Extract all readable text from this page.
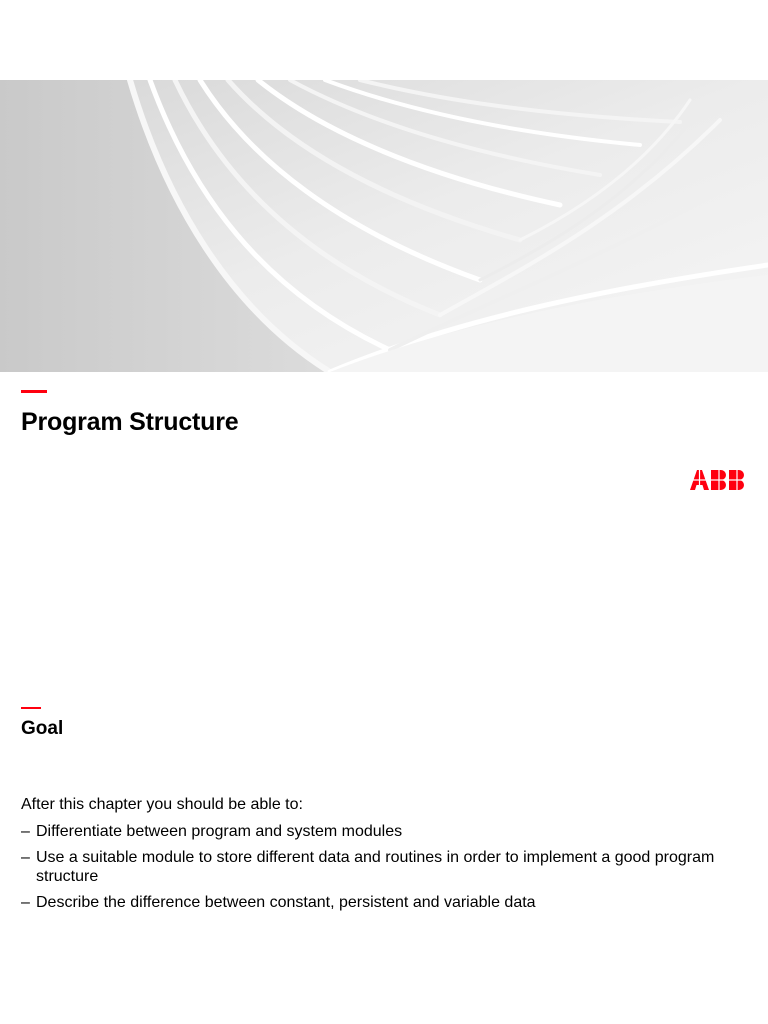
Program Structure
Goal
After this chapter you should be able to:
– Differentiate between program and system modules
– Use a suitable module to store different data and routines in order to implement a good program structure
– Describe the difference between constant, persistent and variable data
